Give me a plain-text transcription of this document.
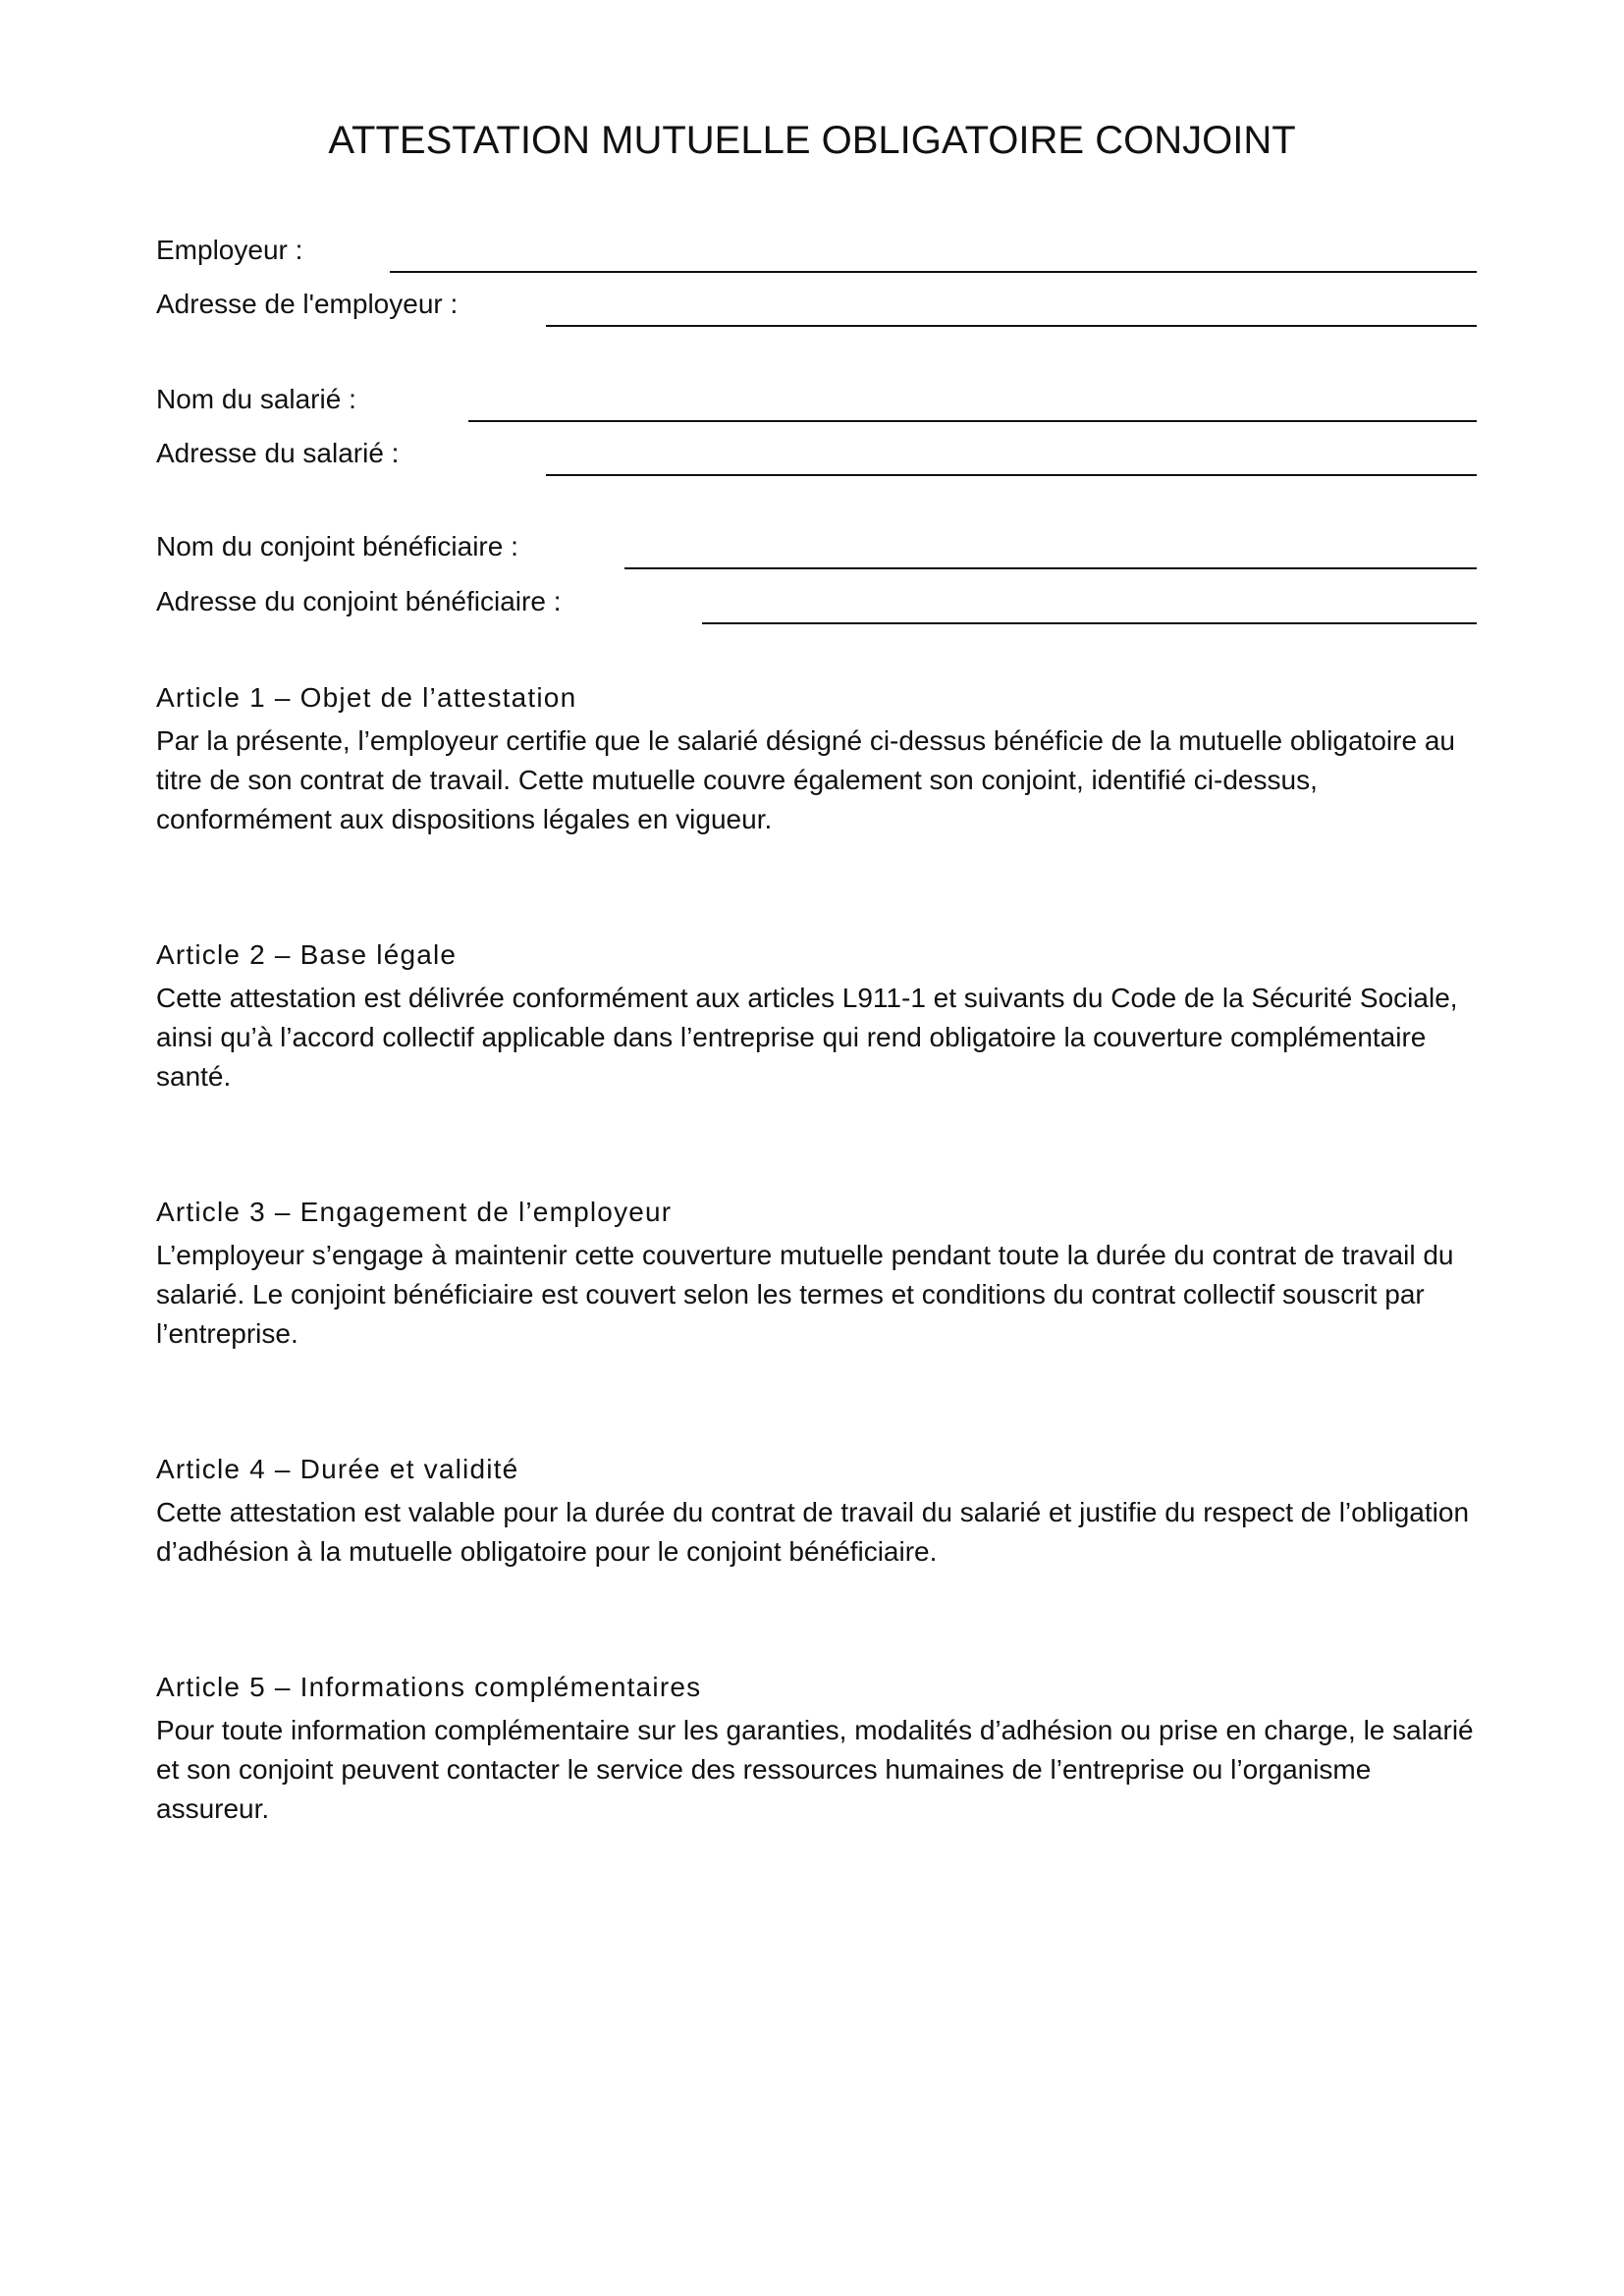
ATTESTATION MUTUELLE OBLIGATOIRE CONJOINT
Employeur :
Adresse de l'employeur :
Nom du salarié :
Adresse du salarié :
Nom du conjoint bénéficiaire :
Adresse du conjoint bénéficiaire :
Article 1 – Objet de l’attestation

Par la présente, l’employeur certifie que le salarié désigné ci-dessus bénéficie de la mutuelle obligatoire au titre de son contrat de travail. Cette mutuelle couvre également son conjoint, identifié ci-dessus, conformément aux dispositions légales en vigueur.

Article 2 – Base légale

Cette attestation est délivrée conformément aux articles L911-1 et suivants du Code de la Sécurité Sociale, ainsi qu’à l’accord collectif applicable dans l’entreprise qui rend obligatoire la couverture complémentaire santé.

Article 3 – Engagement de l’employeur

L’employeur s’engage à maintenir cette couverture mutuelle pendant toute la durée du contrat de travail du salarié. Le conjoint bénéficiaire est couvert selon les termes et conditions du contrat collectif souscrit par l’entreprise.

Article 4 – Durée et validité

Cette attestation est valable pour la durée du contrat de travail du salarié et justifie du respect de l’obligation d’adhésion à la mutuelle obligatoire pour le conjoint bénéficiaire.

Article 5 – Informations complémentaires

Pour toute information complémentaire sur les garanties, modalités d’adhésion ou prise en charge, le salarié et son conjoint peuvent contacter le service des ressources humaines de l’entreprise ou l’organisme assureur.
